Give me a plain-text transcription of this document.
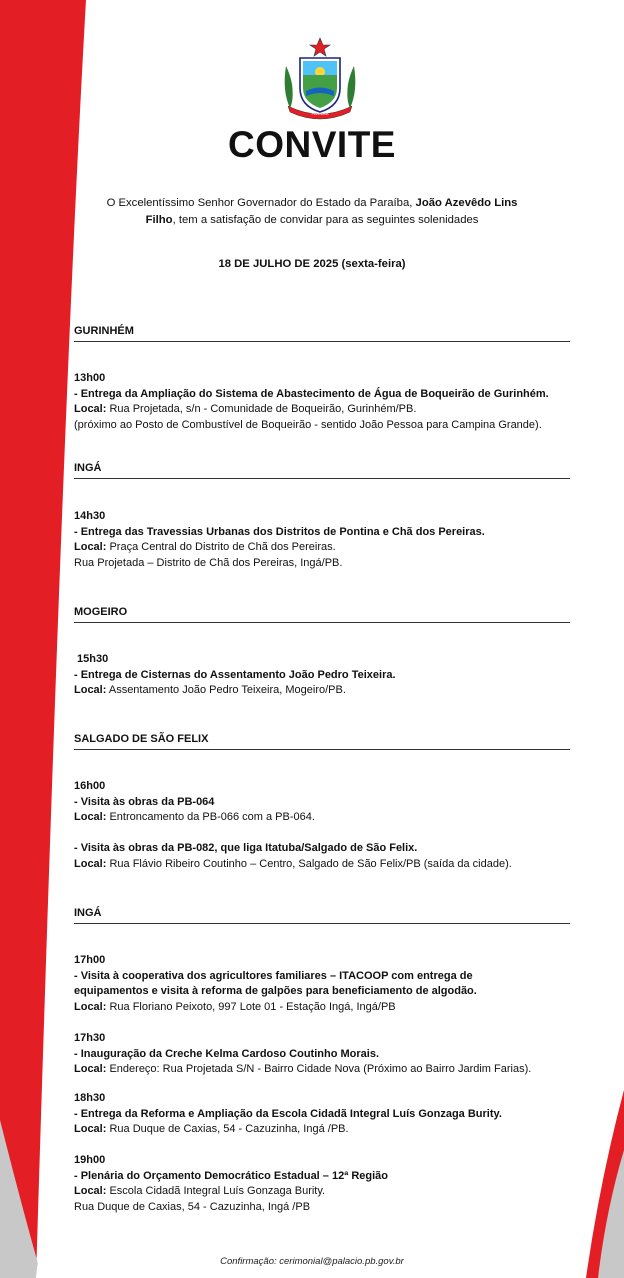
PARAIBA
CONVITE
O Excelentíssimo Senhor Governador do Estado da Paraíba, João Azevêdo Lins
Filho, tem a satisfação de convidar para as seguintes solenidades
18 DE JULHO DE 2025 (sexta-feira)
GURINHÉM
13h00
- Entrega da Ampliação do Sistema de Abastecimento de Água de Boqueirão de Gurinhém.
Local: Rua Projetada, s/n - Comunidade de Boqueirão, Gurinhém/PB.
(próximo ao Posto de Combustível de Boqueirão - sentido João Pessoa para Campina Grande).
INGÁ
14h30
- Entrega das Travessias Urbanas dos Distritos de Pontina e Chã dos Pereiras.
Local: Praça Central do Distrito de Chã dos Pereiras.
Rua Projetada – Distrito de Chã dos Pereiras, Ingá/PB.
MOGEIRO
15h30
- Entrega de Cisternas do Assentamento João Pedro Teixeira.
Local: Assentamento João Pedro Teixeira, Mogeiro/PB.
SALGADO DE SÃO FELIX
16h00
- Visita às obras da PB-064
Local: Entroncamento da PB-066 com a PB-064.
- Visita às obras da PB-082, que liga Itatuba/Salgado de São Felix.
Local: Rua Flávio Ribeiro Coutinho – Centro, Salgado de São Felix/PB (saída da cidade).
INGÁ
17h00
- Visita à cooperativa dos agricultores familiares – ITACOOP com entrega de
equipamentos e visita à reforma de galpões para beneficiamento de algodão.
Local: Rua Floriano Peixoto, 997 Lote 01 - Estação Ingá, Ingá/PB
17h30
- Inauguração da Creche Kelma Cardoso Coutinho Morais.
Local: Endereço: Rua Projetada S/N - Bairro Cidade Nova (Próximo ao Bairro Jardim Farias).
18h30
- Entrega da Reforma e Ampliação da Escola Cidadã Integral Luís Gonzaga Burity.
Local: Rua Duque de Caxias, 54 - Cazuzinha, Ingá /PB.
19h00
- Plenária do Orçamento Democrático Estadual – 12ª Região
Local: Escola Cidadã Integral Luís Gonzaga Burity.
Rua Duque de Caxias, 54 - Cazuzinha, Ingá /PB
Confirmação: cerimonial@palacio.pb.gov.br
